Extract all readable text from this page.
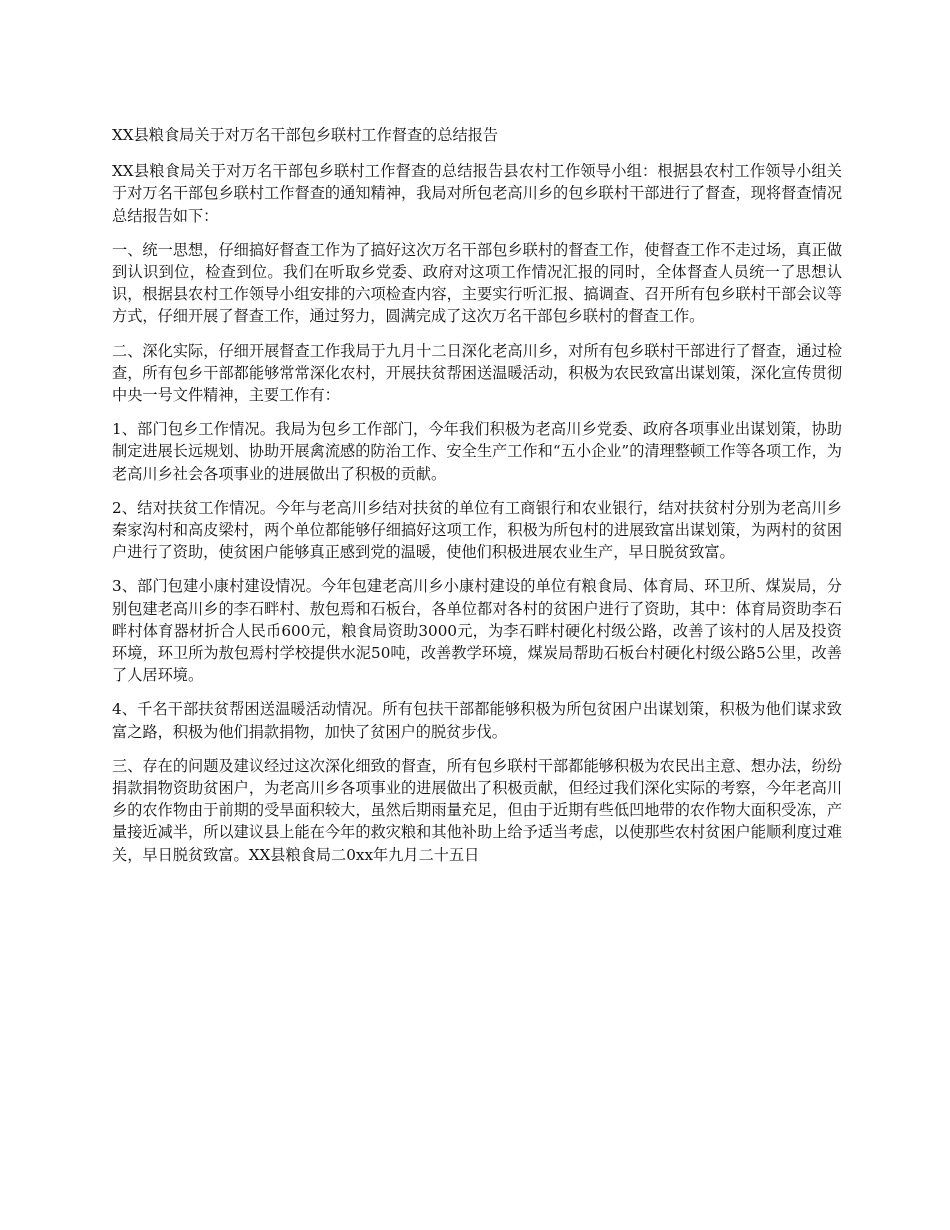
XX县粮食局关于对万名干部包乡联村工作督查的总结报告

XX县粮食局关于对万名干部包乡联村工作督查的总结报告县农村工作领导小组：根据县农村工作领导小组关于对万名干部包乡联村工作督查的通知精神，我局对所包老高川乡的包乡联村干部进行了督查，现将督查情况总结报告如下：

一、统一思想，仔细搞好督查工作为了搞好这次万名干部包乡联村的督查工作，使督查工作不走过场，真正做到认识到位，检查到位。我们在听取乡党委、政府对这项工作情况汇报的同时，全体督查人员统一了思想认识，根据县农村工作领导小组安排的六项检查内容，主要实行听汇报、搞调查、召开所有包乡联村干部会议等方式，仔细开展了督查工作，通过努力，圆满完成了这次万名干部包乡联村的督查工作。

二、深化实际，仔细开展督查工作我局于九月十二日深化老高川乡，对所有包乡联村干部进行了督查，通过检查，所有包乡干部都能够常常深化农村，开展扶贫帮困送温暖活动，积极为农民致富出谋划策，深化宣传贯彻中央一号文件精神，主要工作有：

1、部门包乡工作情况。我局为包乡工作部门，今年我们积极为老高川乡党委、政府各项事业出谋划策，协助制定进展长远规划、协助开展禽流感的防治工作、安全生产工作和“五小企业”的清理整顿工作等各项工作，为老高川乡社会各项事业的进展做出了积极的贡献。

2、结对扶贫工作情况。今年与老高川乡结对扶贫的单位有工商银行和农业银行，结对扶贫村分别为老高川乡秦家沟村和高皮梁村，两个单位都能够仔细搞好这项工作，积极为所包村的进展致富出谋划策，为两村的贫困户进行了资助，使贫困户能够真正感到党的温暖，使他们积极进展农业生产，早日脱贫致富。

3、部门包建小康村建设情况。今年包建老高川乡小康村建设的单位有粮食局、体育局、环卫所、煤炭局，分别包建老高川乡的李石畔村、敖包焉和石板台，各单位都对各村的贫困户进行了资助，其中：体育局资助李石畔村体育器材折合人民币600元，粮食局资助3000元，为李石畔村硬化村级公路，改善了该村的人居及投资环境，环卫所为敖包焉村学校提供水泥50吨，改善教学环境，煤炭局帮助石板台村硬化村级公路5公里，改善了人居环境。

4、千名干部扶贫帮困送温暖活动情况。所有包扶干部都能够积极为所包贫困户出谋划策，积极为他们谋求致富之路，积极为他们捐款捐物，加快了贫困户的脱贫步伐。

三、存在的问题及建议经过这次深化细致的督查，所有包乡联村干部都能够积极为农民出主意、想办法，纷纷捐款捐物资助贫困户，为老高川乡各项事业的进展做出了积极贡献，但经过我们深化实际的考察，今年老高川乡的农作物由于前期的受旱面积较大，虽然后期雨量充足，但由于近期有些低凹地带的农作物大面积受冻，产量接近减半，所以建议县上能在今年的救灾粮和其他补助上给予适当考虑，以使那些农村贫困户能顺利度过难关，早日脱贫致富。XX县粮食局二0xx年九月二十五日
